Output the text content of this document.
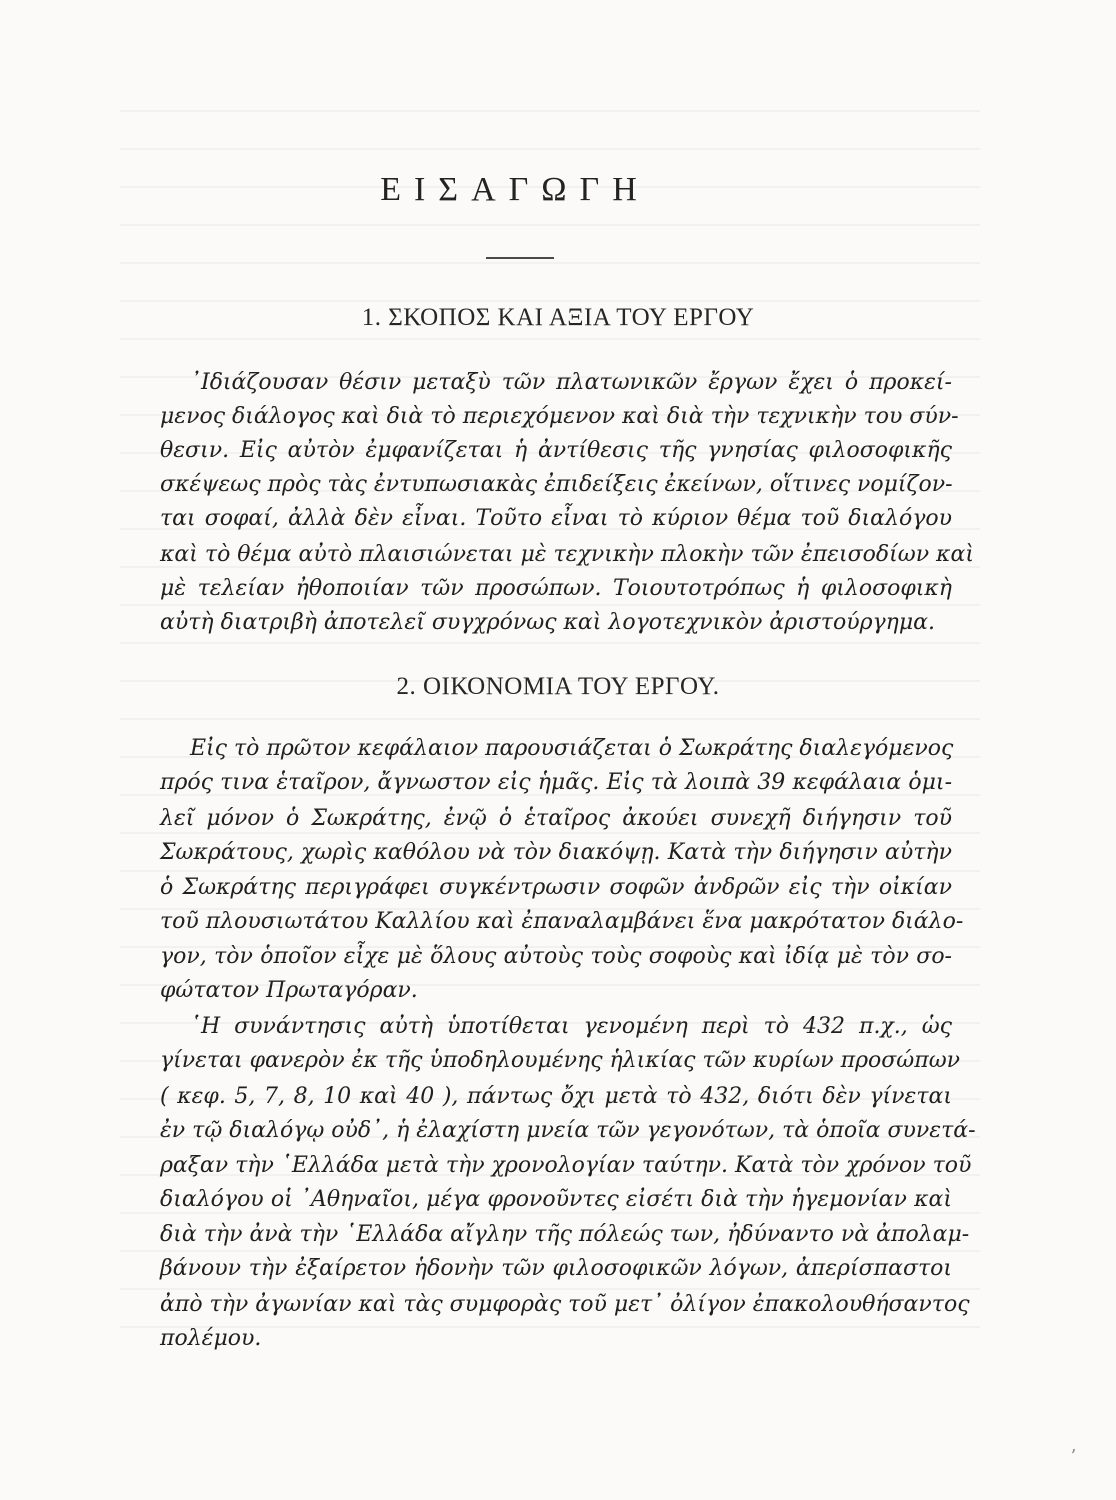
ΕΙΣΑΓΩΓΗ
1. ΣΚΟΠΟΣ ΚΑΙ ΑΞΙΑ ΤΟΥ ΕΡΓΟΥ
᾿Ιδιάζουσαν θέσιν μεταξὺ τῶν πλατωνικῶν ἔργων ἔχει ὁ προκεί-
μενος διάλογος καὶ διὰ τὸ περιεχόμενον καὶ διὰ τὴν τεχνικὴν του σύν-
θεσιν. Εἰς αὐτὸν ἐμφανίζεται ἡ ἀντίθεσις τῆς γνησίας φιλοσοφικῆς
σκέψεως πρὸς τὰς ἐντυπωσιακὰς ἐπιδείξεις ἐκείνων, οἵτινες νομίζον-
ται σοφαί, ἀλλὰ δὲν εἶναι. Τοῦτο εἶναι τὸ κύριον θέμα τοῦ διαλόγου
καὶ τὸ θέμα αὐτὸ πλαισιώνεται μὲ τεχνικὴν πλοκὴν τῶν ἐπεισοδίων καὶ
μὲ τελείαν ἠθοποιίαν τῶν προσώπων. Τοιουτοτρόπως ἡ φιλοσοφικὴ
αὐτὴ διατριβὴ ἀποτελεῖ συγχρόνως καὶ λογοτεχνικὸν ἀριστούργημα.
2. ΟΙΚΟΝΟΜΙΑ ΤΟΥ ΕΡΓΟΥ.
Εἰς τὸ πρῶτον κεφάλαιον παρουσιάζεται ὁ Σωκράτης διαλεγόμενος
πρός τινα ἑταῖρον, ἄγνωστον εἰς ἡμᾶς. Εἰς τὰ λοιπὰ 39 κεφάλαια ὁμι-
λεῖ μόνον ὁ Σωκράτης, ἐνῷ ὁ ἑταῖρος ἀκούει συνεχῆ διήγησιν τοῦ
Σωκράτους, χωρὶς καθόλου νὰ τὸν διακόψῃ. Κατὰ τὴν διήγησιν αὐτὴν
ὁ Σωκράτης περιγράφει συγκέντρωσιν σοφῶν ἀνδρῶν εἰς τὴν οἰκίαν
τοῦ πλουσιωτάτου Καλλίου καὶ ἐπαναλαμβάνει ἕνα μακρότατον διάλο-
γον, τὸν ὁποῖον εἶχε μὲ ὅλους αὐτοὺς τοὺς σοφοὺς καὶ ἰδίᾳ μὲ τὸν σο-
φώτατον Πρωταγόραν.
῾Η συνάντησις αὐτὴ ὑποτίθεται γενομένη περὶ τὸ 432 π.χ., ὡς
γίνεται φανερὸν ἐκ τῆς ὑποδηλουμένης ἡλικίας τῶν κυρίων προσώπων
( κεφ. 5, 7, 8, 10 καὶ 40 ), πάντως ὄχι μετὰ τὸ 432, διότι δὲν γίνεται
ἐν τῷ διαλόγῳ οὐδ᾽, ἡ ἐλαχίστη μνεία τῶν γεγονότων, τὰ ὁποῖα συνετά-
ραξαν τὴν ῾Ελλάδα μετὰ τὴν χρονολογίαν ταύτην. Κατὰ τὸν χρόνον τοῦ
διαλόγου οἱ ᾿Αθηναῖοι, μέγα φρονοῦντες εἰσέτι διὰ τὴν ἡγεμονίαν καὶ
διὰ τὴν ἀνὰ τὴν ῾Ελλάδα αἴγλην τῆς πόλεώς των, ἠδύναντο νὰ ἀπολαμ-
βάνουν τὴν ἐξαίρετον ἡδονὴν τῶν φιλοσοφικῶν λόγων, ἀπερίσπαστοι
ἀπὸ τὴν ἀγωνίαν καὶ τὰς συμφορὰς τοῦ μετ᾽ ὀλίγον ἐπακολουθήσαντος
πολέμου.
ʼ
